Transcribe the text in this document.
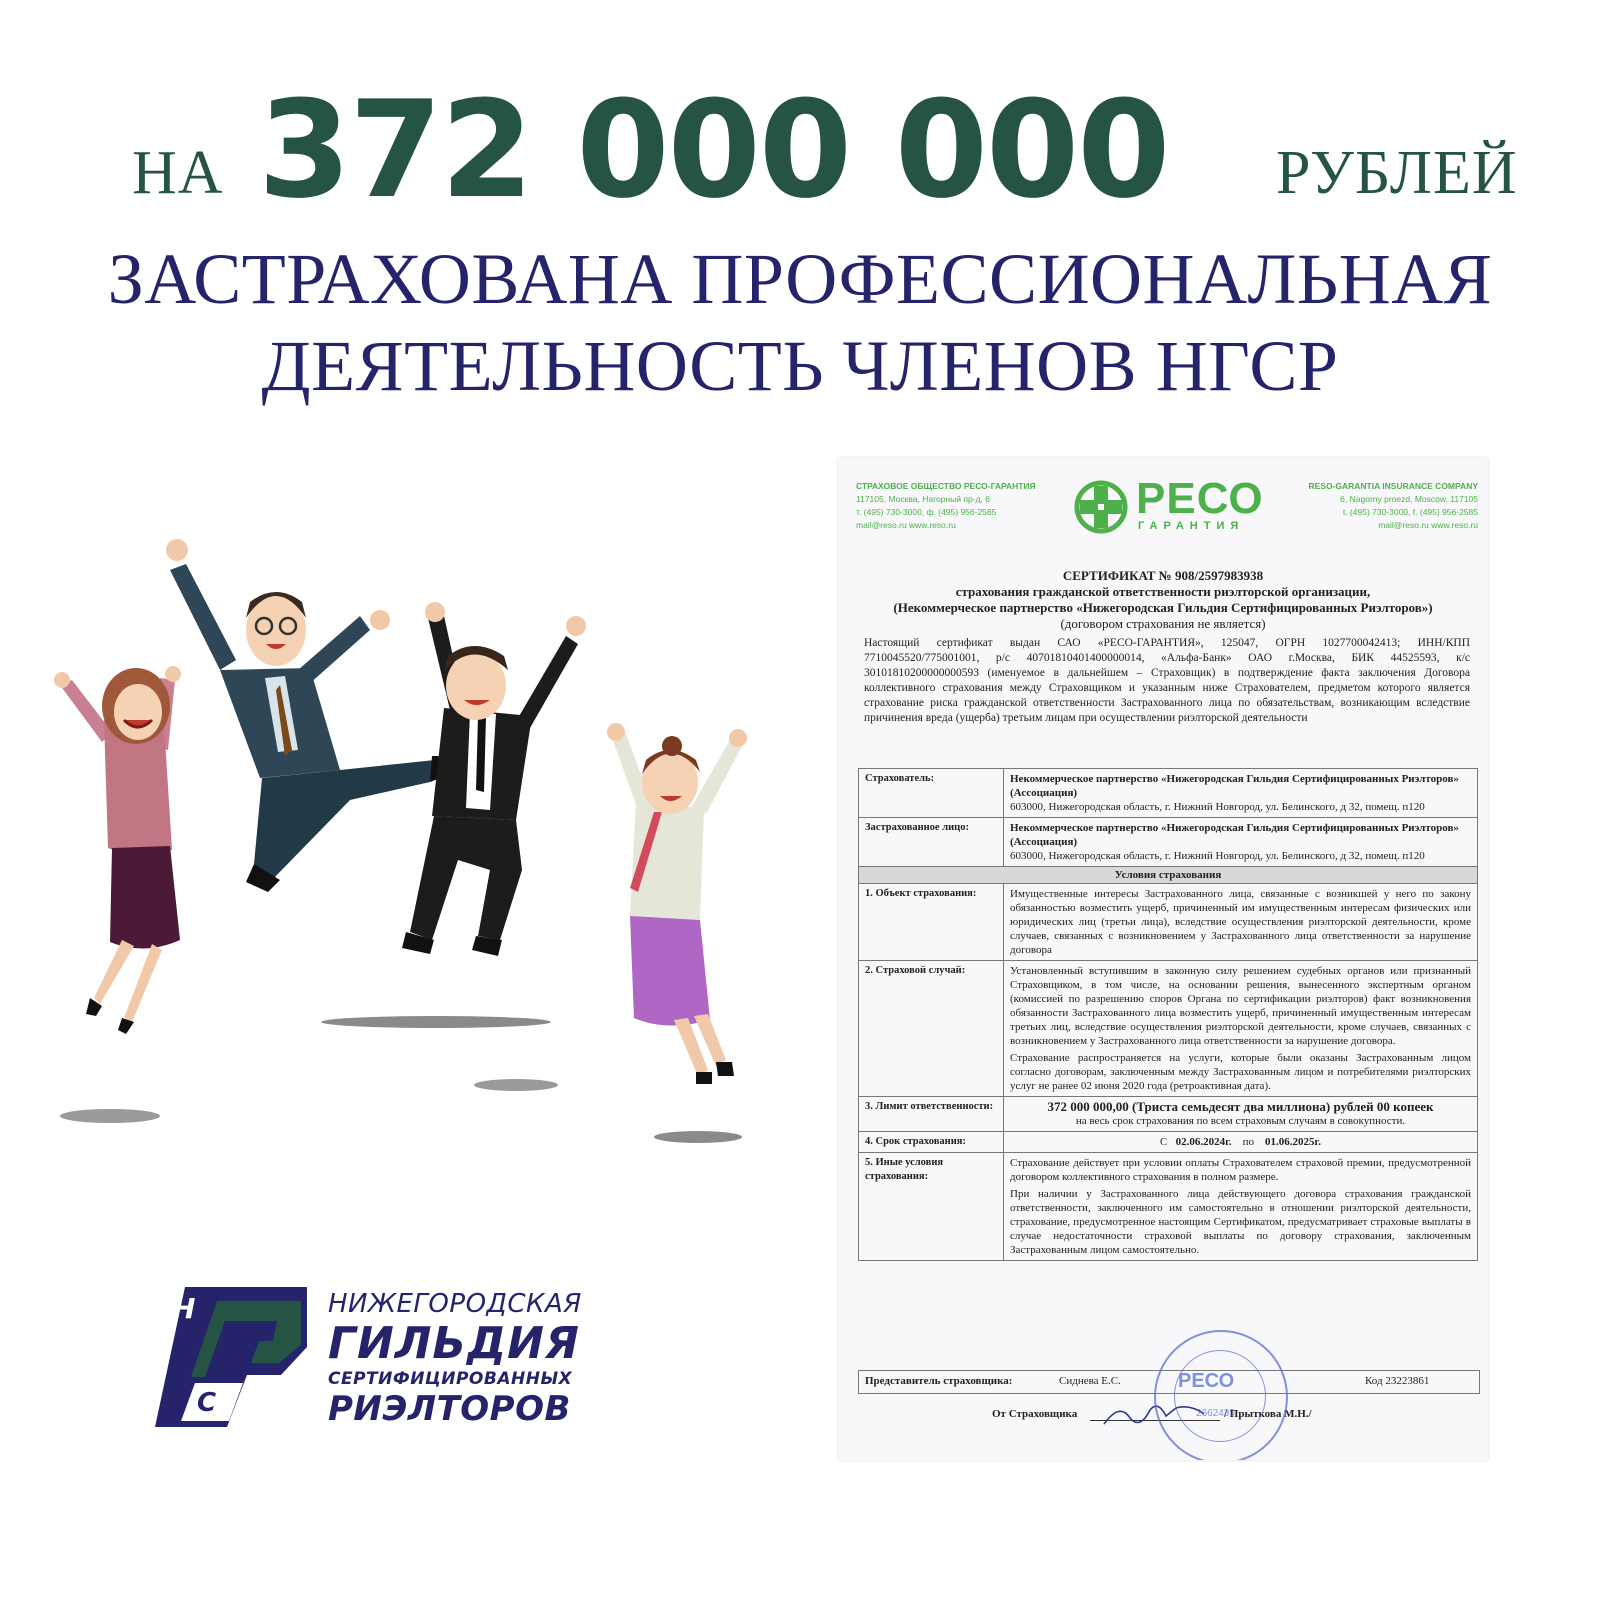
НА 372 000 000 РУБЛЕЙ
ЗАСТРАХОВАНА ПРОФЕССИОНАЛЬНАЯ
ДЕЯТЕЛЬНОСТЬ ЧЛЕНОВ НГСР
СТРАХОВОЕ ОБЩЕСТВО РЕСО-ГАРАНТИЯ
117105, Москва, Нагорный пр-д, 6
т. (495) 730-3000, ф. (495) 956-2585
mail@reso.ru www.reso.ru
РЕСО
ГАРАНТИЯ
RESO-GARANTIA INSURANCE COMPANY
6, Nagorny proezd, Moscow, 117105
t. (495) 730-3000, f. (495) 956-2585
mail@reso.ru www.reso.ru
СЕРТИФИКАТ № 908/2597983938
страхования гражданской ответственности риэлторской организации,
(Некоммерческое партнерство «Нижегородская Гильдия Сертифицированных Риэлторов»)
(договором страхования не является)
Настоящий сертификат выдан САО «РЕСО-ГАРАНТИЯ», 125047, ОГРН 1027700042413; ИНН/КПП 7710045520/775001001, р/с 40701810401400000014, «Альфа-Банк» ОАО г.Москва, БИК 44525593, к/с 30101810200000000593 (именуемое в дальнейшем – Страховщик) в подтверждение факта заключения Договора коллективного страхования между Страховщиком и указанным ниже Страхователем, предметом которого является страхование риска гражданской ответственности Застрахованного лица по обязательствам, возникающим вследствие причинения вреда (ущерба) третьим лицам при осуществлении риэлторской деятельности
Страхователь:	Некоммерческое партнерство «Нижегородская Гильдия Сертифицированных Риэлторов» (Ассоциация)
603000, Нижегородская область, г. Нижний Новгород, ул. Белинского, д 32, помещ. п120

Застрахованное лицо:	Некоммерческое партнерство «Нижегородская Гильдия Сертифицированных Риэлторов» (Ассоциация)
603000, Нижегородская область, г. Нижний Новгород, ул. Белинского, д 32, помещ. п120

Условия страхования	
1. Объект страхования:	Имущественные интересы Застрахованного лица, связанные с возникшей у него по закону обязанностью возместить ущерб, причиненный им имущественным интересам физических или юридических лиц (третьи лица), вследствие осуществления риэлторской деятельности, кроме случаев, связанных с возникновением у Застрахованного лица ответственности за нарушение договора
2. Страховой случай:	Установленный вступившим в законную силу решением судебных органов или признанный Страховщиком, в том числе, на основании решения, вынесенного экспертным органом (комиссией по разрешению споров Органа по сертификации риэлторов) факт возникновения обязанности Застрахованного лица возместить ущерб, причиненный имущественным интересам третьих лиц, вследствие осуществления риэлторской деятельности, кроме случаев, связанных с возникновением у Застрахованного лица ответственности за нарушение договора.
Страхование распространяется на услуги, которые были оказаны Застрахованным лицом согласно договорам, заключенным между Застрахованным лицом и потребителями риэлторских услуг не ранее 02 июня 2020 года (ретроактивная дата).

3. Лимит ответственности:	372 000 000,00 (Триста семьдесят два миллиона) рублей 00 копеек
на весь срок страхования по всем страховым случаям в совокупности.

4. Срок страхования:	С 02.06.2024г. по 01.06.2025г.
5. Иные условия страхования:	Страхование действует при условии оплаты Страхователем страховой премии, предусмотренной договором коллективного страхования в полном размере.
При наличии у Застрахованного лица действующего договора страхования гражданской ответственности, заключенного им самостоятельно в отношении риэлторской деятельности, страхование, предусмотренное настоящим Сертификатом, предусматривает страховые выплаты в случае недостаточности страховой выплаты по договору страхования, заключенным Застрахованным лицом самостоятельно.
Представитель страховщика:	Сиднева Е.С.	Код 23223861
От Страховщика	/ Прыткова М.Н./
РЕСО
2662435
Н
С
НИЖЕГОРОДСКАЯ
ГИЛЬДИЯ
СЕРТИФИЦИРОВАННЫХ
РИЭЛТОРОВ
